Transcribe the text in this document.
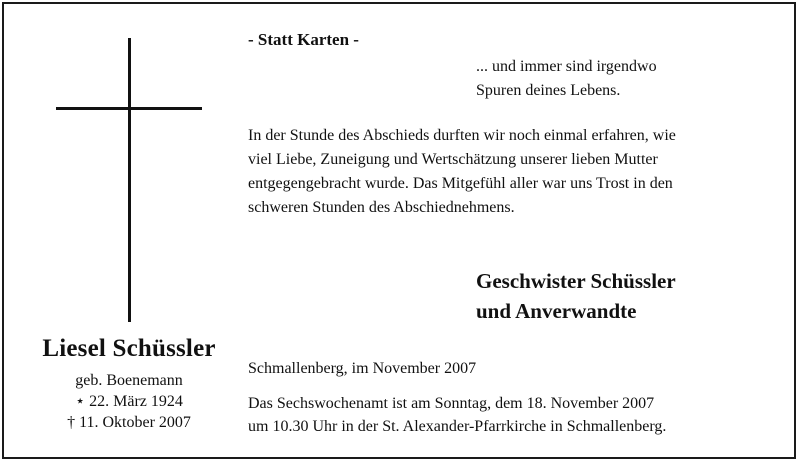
- Statt Karten -
... und immer sind irgendwo
Spuren deines Lebens.
In der Stunde des Abschieds durften wir noch einmal erfahren, wie
viel Liebe, Zuneigung und Wertschätzung unserer lieben Mutter
entgegengebracht wurde. Das Mitgefühl aller war uns Trost in den
schweren Stunden des Abschiednehmens.
Geschwister Schüssler
und Anverwandte
Liesel Schüssler
geb. Boenemann
⋆ 22. März 1924
† 11. Oktober 2007
Schmallenberg, im November 2007
Das Sechswochenamt ist am Sonntag, dem 18. November 2007
um 10.30 Uhr in der St. Alexander-Pfarrkirche in Schmallenberg.
